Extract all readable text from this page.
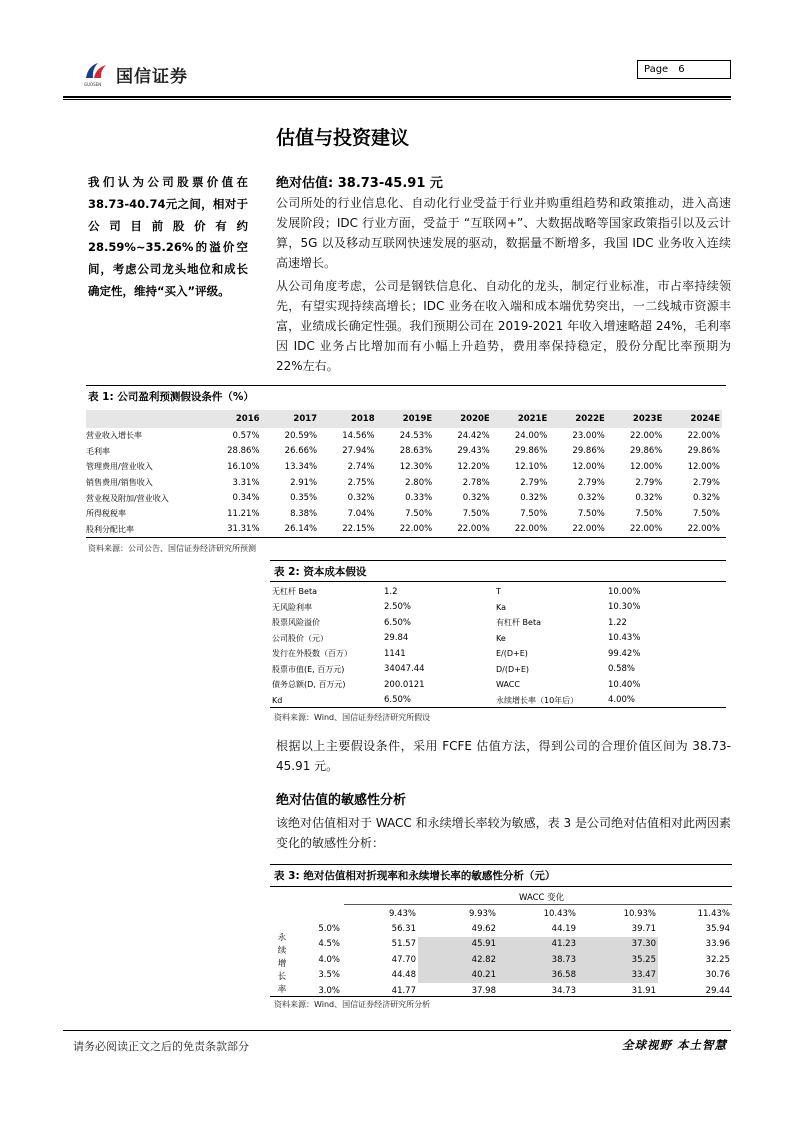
国信证券
GUOSEN
Page 6
估值与投资建议
我们认为公司股票价值在38.73-40.74元之间，相对于公司目前股价有约28.59%~35.26%的溢价空间，考虑公司龙头地位和成长确定性，维持“买入”评级。
绝对估值: 38.73-45.91 元
公司所处的行业信息化、自动化行业受益于行业并购重组趋势和政策推动，进入高速发展阶段；IDC 行业方面，受益于 “互联网+”、大数据战略等国家政策指引以及云计算，5G 以及移动互联网快速发展的驱动，数据量不断增多，我国 IDC 业务收入连续高速增长。
从公司角度考虑，公司是钢铁信息化、自动化的龙头，制定行业标准，市占率持续领先，有望实现持续高增长；IDC 业务在收入端和成本端优势突出，一二线城市资源丰富，业绩成长确定性强。我们预期公司在 2019-2021 年收入增速略超 24%，毛利率因 IDC 业务占比增加而有小幅上升趋势，费用率保持稳定，股份分配比率预期为 22%左右。
表 1: 公司盈利预测假设条件（%）
	2016	2017	2018	2019E	2020E	2021E	2022E	2023E	2024E
营业收入增长率	0.57%	20.59%	14.56%	24.53%	24.42%	24.00%	23.00%	22.00%	22.00%
毛利率	28.86%	26.66%	27.94%	28.63%	29.43%	29.86%	29.86%	29.86%	29.86%
管理费用/营业收入	16.10%	13.34%	2.74%	12.30%	12.20%	12.10%	12.00%	12.00%	12.00%
销售费用/销售收入	3.31%	2.91%	2.75%	2.80%	2.78%	2.79%	2.79%	2.79%	2.79%
营业税及附加/营业收入	0.34%	0.35%	0.32%	0.33%	0.32%	0.32%	0.32%	0.32%	0.32%
所得税税率	11.21%	8.38%	7.04%	7.50%	7.50%	7.50%	7.50%	7.50%	7.50%
股利分配比率	31.31%	26.14%	22.15%	22.00%	22.00%	22.00%	22.00%	22.00%	22.00%
资料来源：公司公告、国信证券经济研究所预测
表 2: 资本成本假设
无杠杆 Beta	1.2	T	10.00%
无风险利率	2.50%	Ka	10.30%
股票风险溢价	6.50%	有杠杆 Beta	1.22
公司股价（元）	29.84	Ke	10.43%
发行在外股数（百万）	1141	E/(D+E)	99.42%
股票市值(E, 百万元)	34047.44	D/(D+E)	0.58%
债务总额(D, 百万元)	200.0121	WACC	10.40%
Kd	6.50%	永续增长率（10年后）	4.00%
资料来源：Wind、国信证券经济研究所假设
根据以上主要假设条件，采用 FCFE 估值方法，得到公司的合理价值区间为 38.73-45.91 元。
绝对估值的敏感性分析
该绝对估值相对于 WACC 和永续增长率较为敏感，表 3 是公司绝对估值相对此两因素变化的敏感性分析：
表 3: 绝对估值相对折现率和永续增长率的敏感性分析（元）
WACC 变化
永续增长率
	9.43%	9.93%	10.43%	10.93%	11.43%
5.0%	56.31	49.62	44.19	39.71	35.94
4.5%	51.57	45.91	41.23	37.30	33.96
4.0%	47.70	42.82	38.73	35.25	32.25
3.5%	44.48	40.21	36.58	33.47	30.76
3.0%	41.77	37.98	34.73	31.91	29.44
资料来源：Wind、国信证券经济研究所分析
请务必阅读正文之后的免责条款部分	全球视野 本土智慧
